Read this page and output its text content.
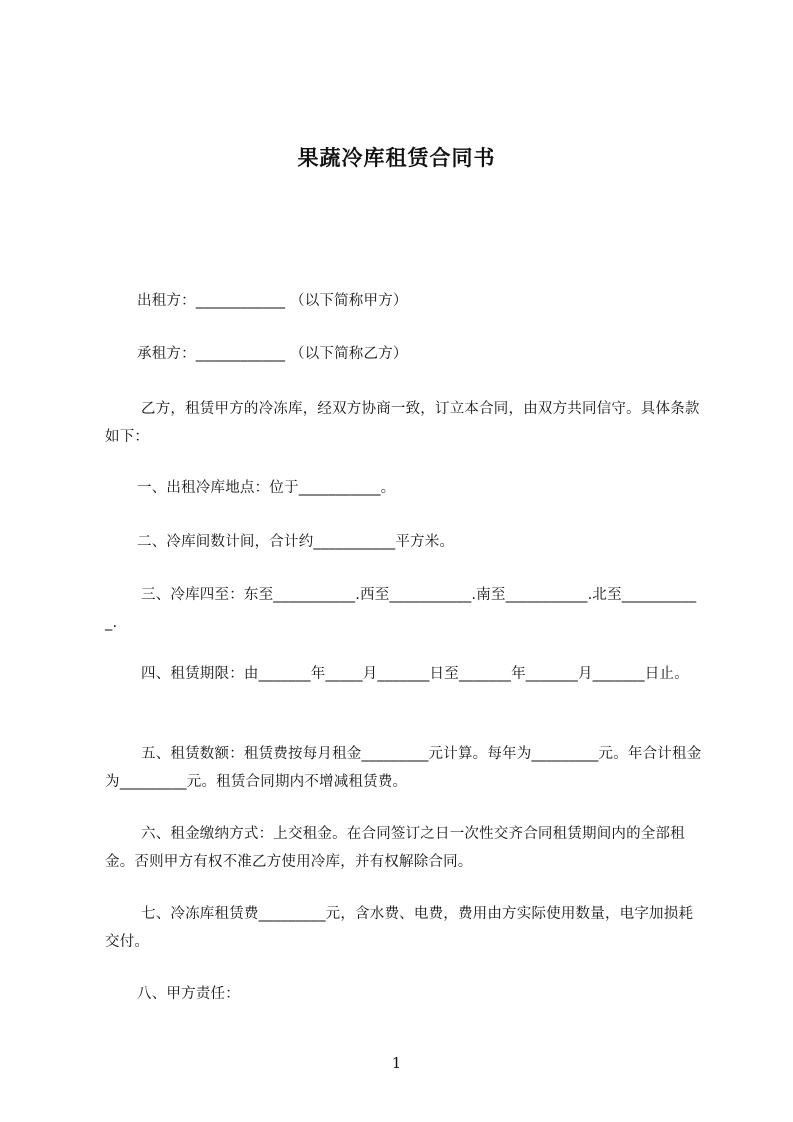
果蔬冷库租赁合同书

出租方：____________ （以下简称甲方）

承租方：____________ （以下简称乙方）

乙方，租赁甲方的冷冻库，经双方协商一致，订立本合同，由双方共同信守。具体条款如下：

一、出租冷库地点：位于___________。

二、冷库间数计间，合计约___________平方米。

三、冷库四至：东至___________.西至___________.南至___________.北至___________.

四、租赁期限：由_______年_____月_______日至_______年_______月_______日止。

五、租赁数额：租赁费按每月租金_________元计算。每年为_________元。年合计租金为_________元。租赁合同期内不增减租赁费。

六、租金缴纳方式：上交租金。在合同签订之日一次性交齐合同租赁期间内的全部租金。否则甲方有权不准乙方使用冷库，并有权解除合同。

七、冷冻库租赁费_________元，含水费、电费，费用由方实际使用数量，电字加损耗交付。

八、甲方责任：

1
